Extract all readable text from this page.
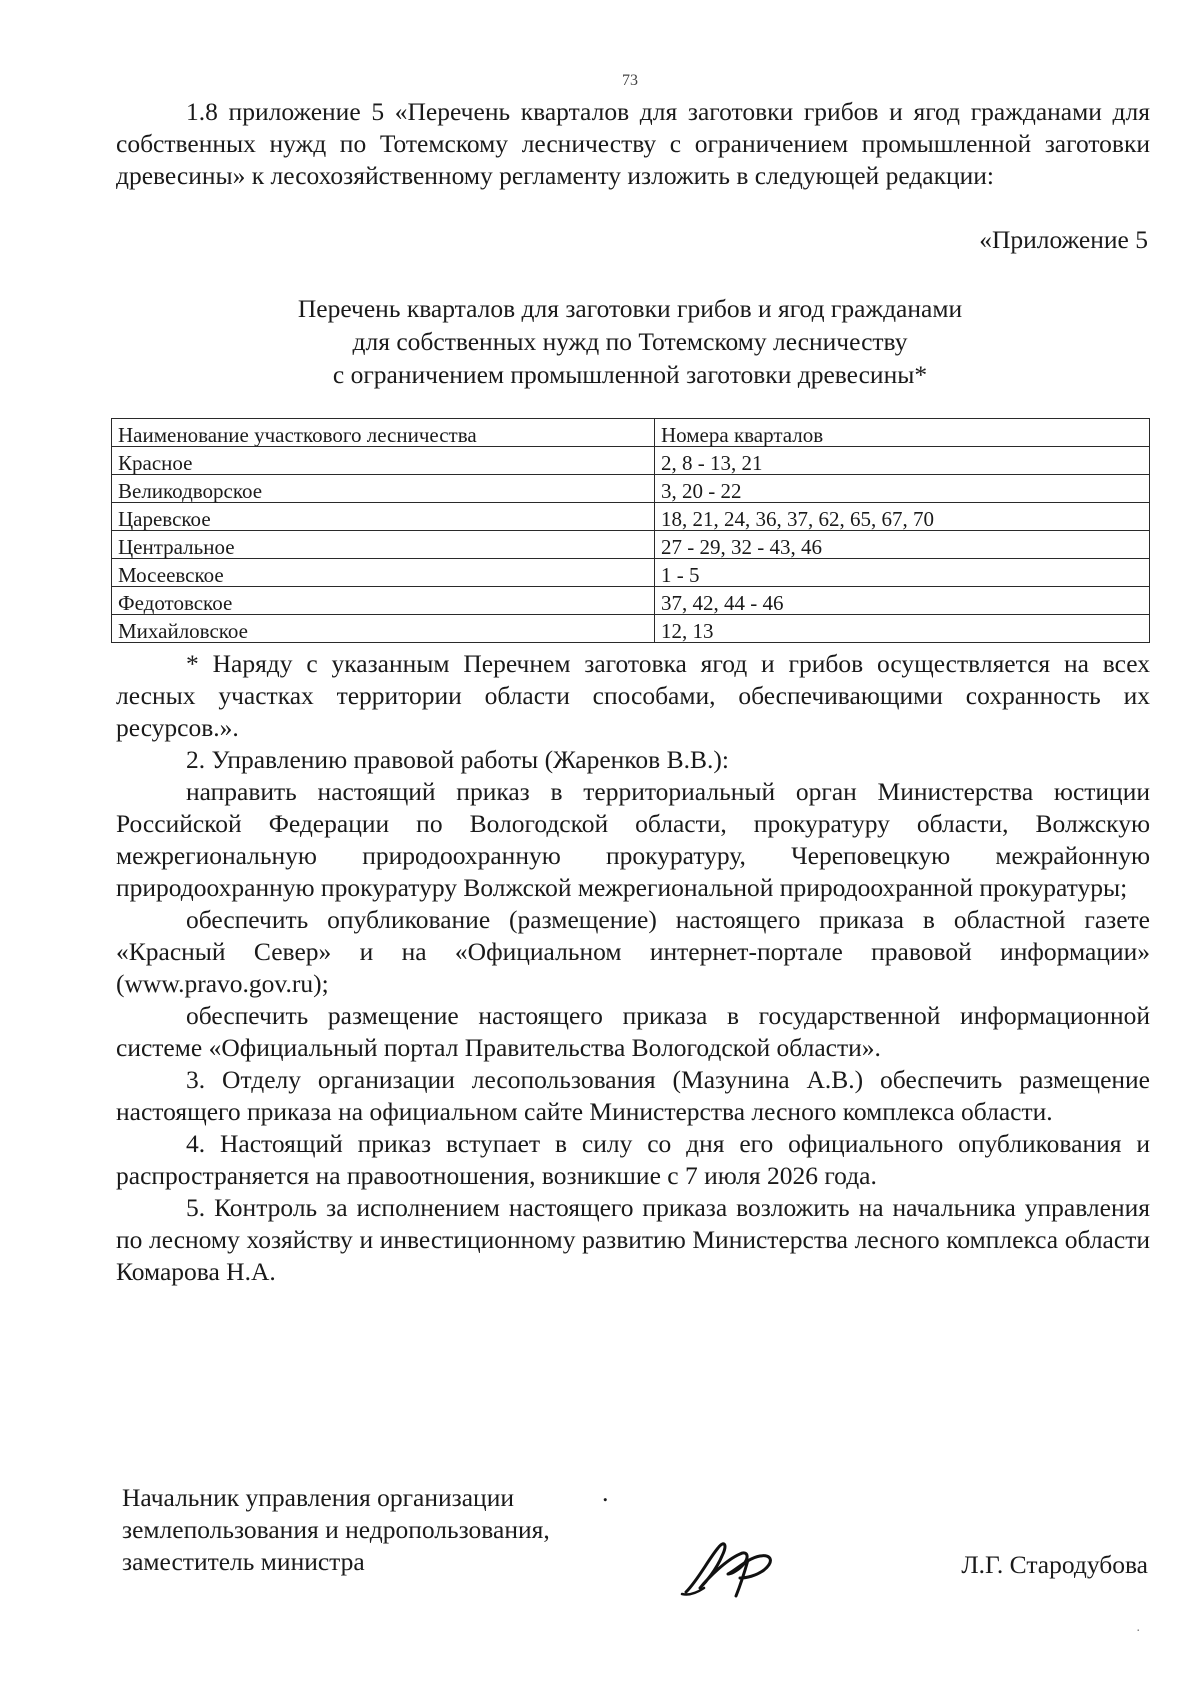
73

1.8 приложение 5 «Перечень кварталов для заготовки грибов и ягод гражданами для собственных нужд по Тотемскому лесничеству с ограничением промышленной заготовки древесины» к лесохозяйственному регламенту изложить в следующей редакции:

«Приложение 5
Перечень кварталов для заготовки грибов и ягод гражданами
для собственных нужд по Тотемскому лесничеству
с ограничением промышленной заготовки древесины*
Наименование участкового лесничества	Номера кварталов
Красное	2, 8 - 13, 21
Великодворское	3, 20 - 22
Царевское	18, 21, 24, 36, 37, 62, 65, 67, 70
Центральное	27 - 29, 32 - 43, 46
Мосеевское	1 - 5
Федотовское	37, 42, 44 - 46
Михайловское	12, 13

* Наряду с указанным Перечнем заготовка ягод и грибов осуществляется на всех лесных участках территории области способами, обеспечивающими сохранность их ресурсов.».

2. Управлению правовой работы (Жаренков В.В.):

направить настоящий приказ в территориальный орган Министерства юстиции Российской Федерации по Вологодской области, прокуратуру области, Волжскую межрегиональную природоохранную прокуратуру, Череповецкую межрайонную природоохранную прокуратуру Волжской межрегиональной природоохранной прокуратуры;

обеспечить опубликование (размещение) настоящего приказа в областной газете «Красный Север» и на «Официальном интернет-портале правовой информации» (www.pravo.gov.ru);

обеспечить размещение настоящего приказа в государственной информационной системе «Официальный портал Правительства Вологодской области».

3. Отделу организации лесопользования (Мазунина А.В.) обеспечить размещение настоящего приказа на официальном сайте Министерства лесного комплекса области.

4. Настоящий приказ вступает в силу со дня его официального опубликования и распространяется на правоотношения, возникшие с 7 июля 2026 года.

5. Контроль за исполнением настоящего приказа возложить на начальника управления по лесному хозяйству и инвестиционному развитию Министерства лесного комплекса области Комарова Н.А.

Начальник управления организации
землепользования и недропользования,
заместитель министра
.
Л.Г. Стародубова
.
